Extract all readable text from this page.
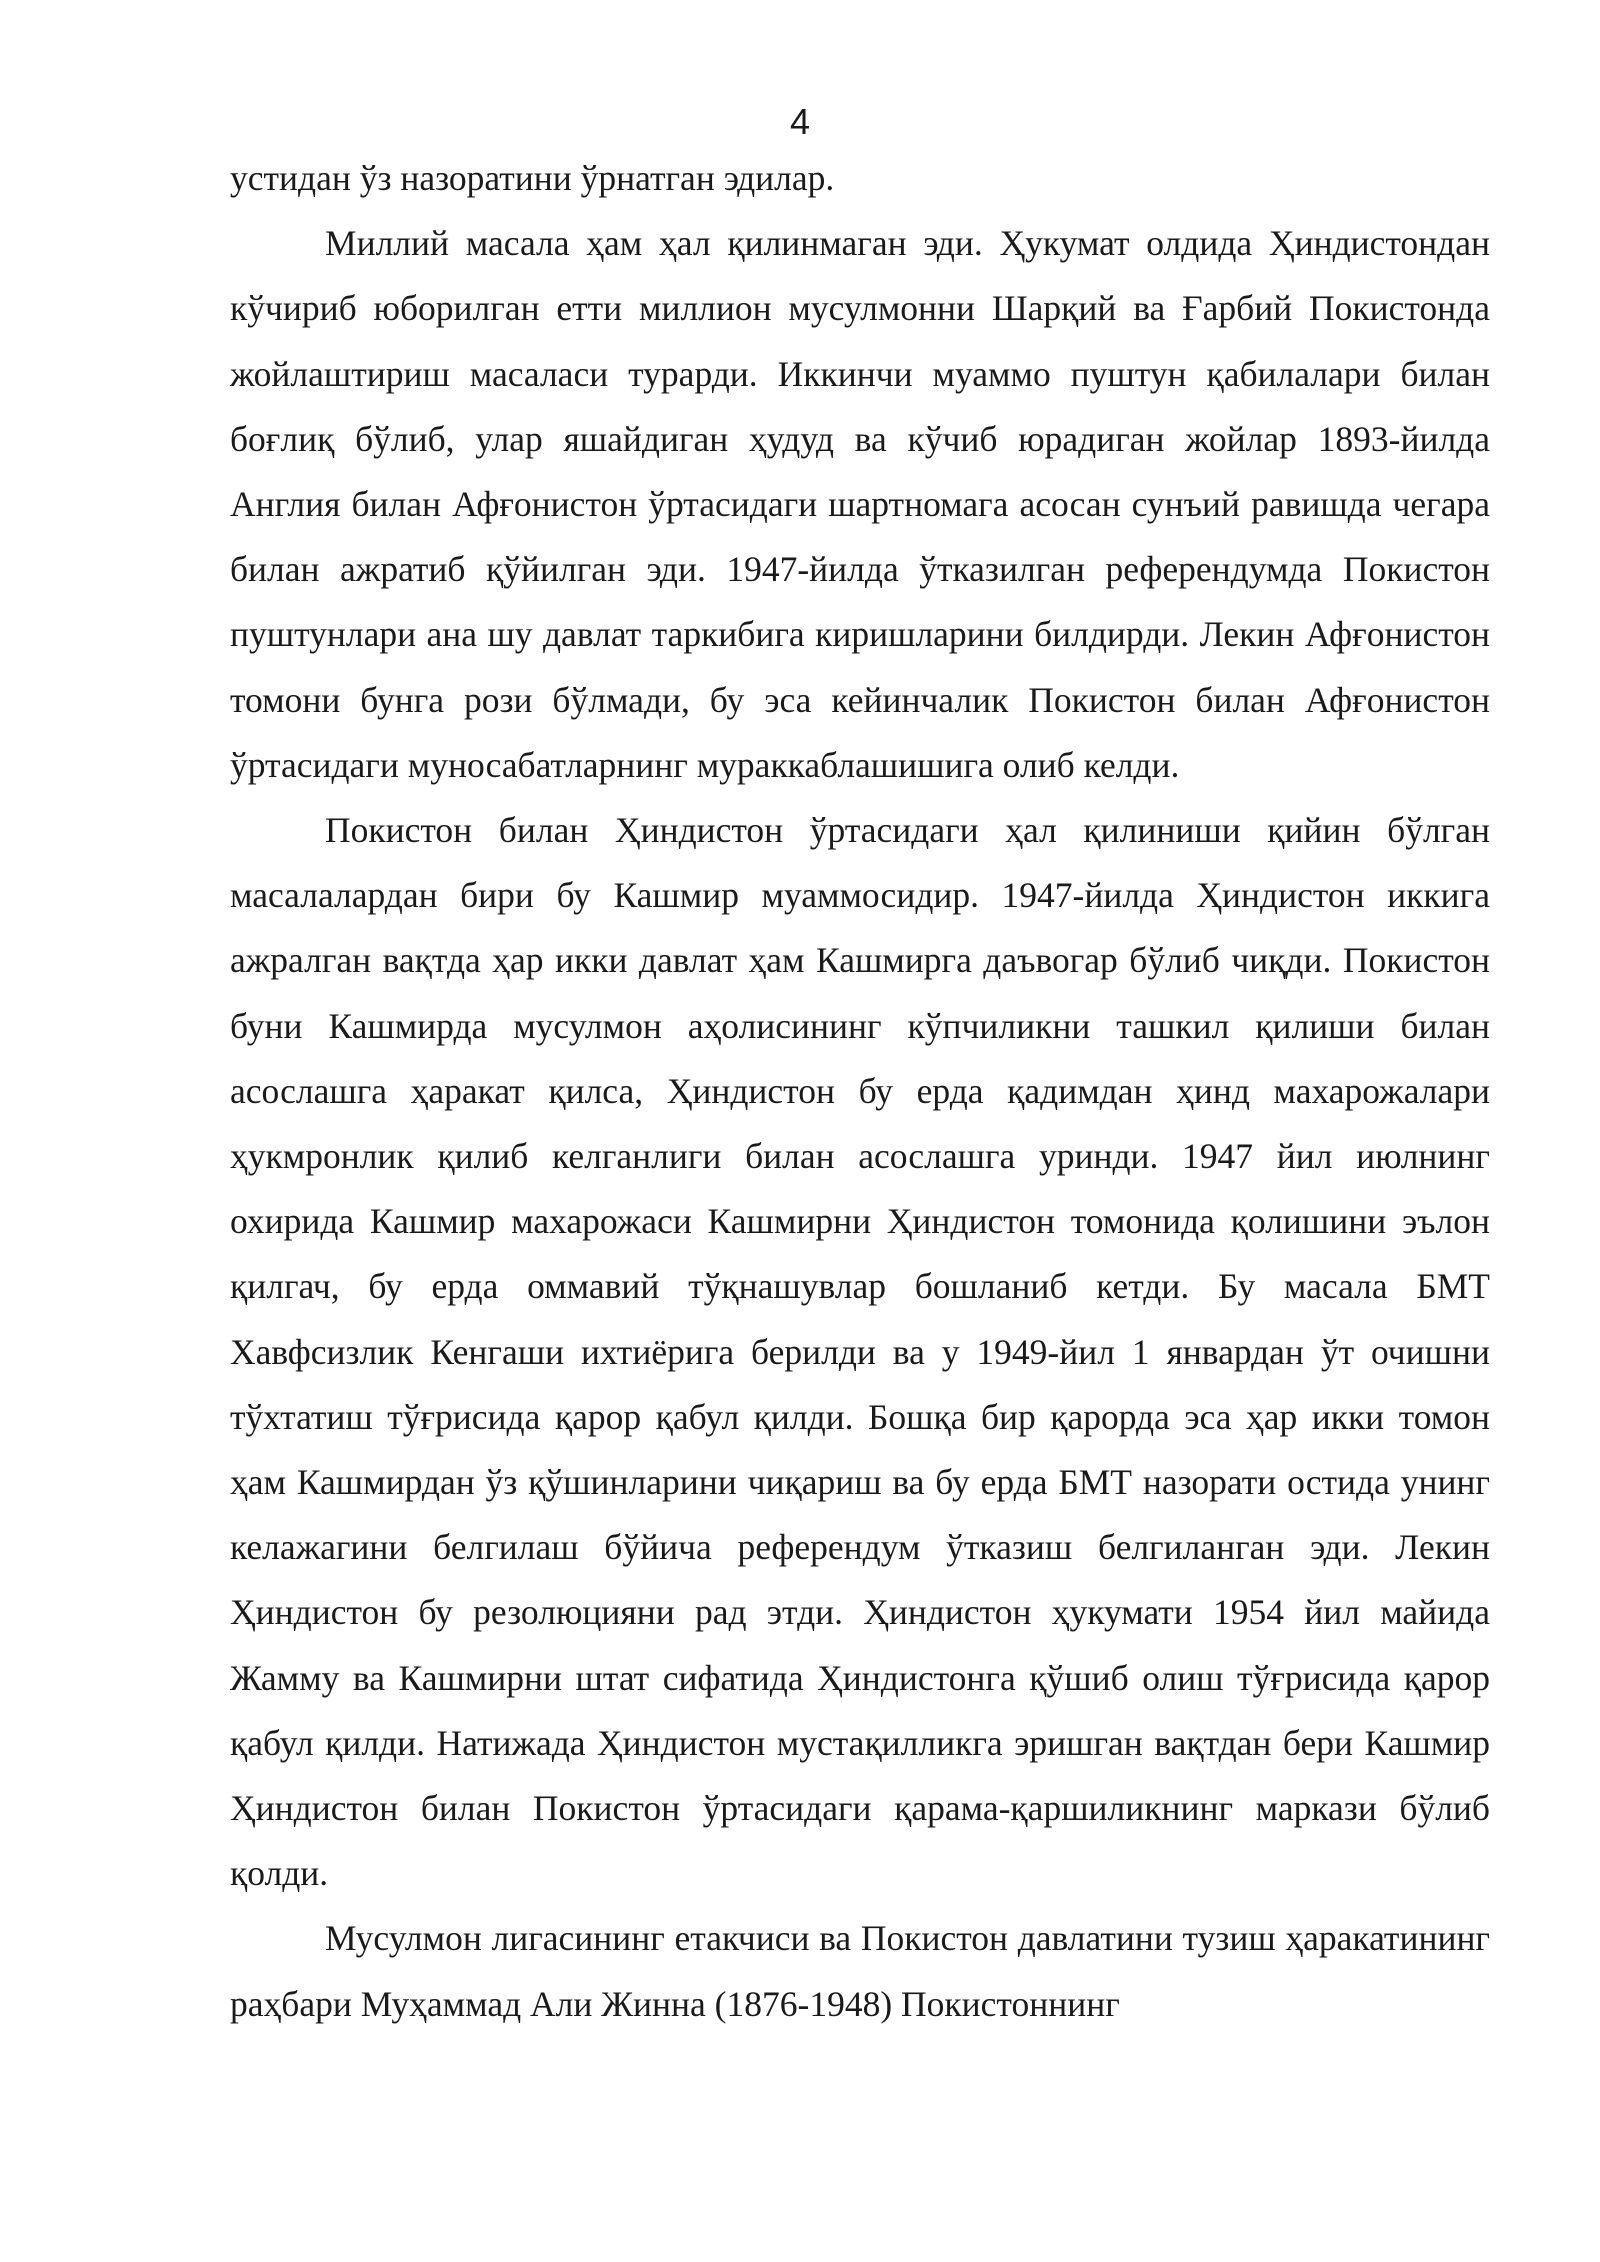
4

устидан ўз назоратини ўрнатган эдилар.

Миллий масала ҳам ҳал қилинмаган эди. Ҳукумат олдида Ҳиндистондан кўчириб юборилган етти миллион мусулмонни Шарқий ва Ғарбий Покистонда жойлаштириш масаласи турарди. Иккинчи муаммо пуштун қабилалари билан боғлиқ бўлиб, улар яшайдиган ҳудуд ва кўчиб юрадиган жойлар 1893-йилда Англия билан Афғонистон ўртасидаги шартномага асосан сунъий равишда чегара билан ажратиб қўйилган эди. 1947-йилда ўтказилган референдумда Покистон пуштунлари ана шу давлат таркибига киришларини билдирди. Лекин Афғонистон томони бунга рози бўлмади, бу эса кейинчалик Покистон билан Афғонистон ўртасидаги муносабатларнинг мураккаблашишига олиб келди.

Покистон билан Ҳиндистон ўртасидаги ҳал қилиниши қийин бўлган масалалардан бири бу Кашмир муаммосидир. 1947-йилда Ҳиндистон иккига ажралган вақтда ҳар икки давлат ҳам Кашмирга даъвогар бўлиб чиқди. Покистон буни Кашмирда мусулмон аҳолисининг кўпчиликни ташкил қилиши билан асослашга ҳаракат қилса, Ҳиндистон бу ерда қадимдан ҳинд махарожалари ҳукмронлик қилиб келганлиги билан асослашга уринди. 1947 йил июлнинг охирида Кашмир махарожаси Кашмирни Ҳиндистон томонида қолишини эълон қилгач, бу ерда оммавий тўқнашувлар бошланиб кетди. Бу масала БМТ Хавфсизлик Кенгаши ихтиёрига берилди ва у 1949-йил 1 январдан ўт очишни тўхтатиш тўғрисида қарор қабул қилди. Бошқа бир қарорда эса ҳар икки томон ҳам Кашмирдан ўз қўшинларини чиқариш ва бу ерда БМТ назорати остида унинг келажагини белгилаш бўйича референдум ўтказиш белгиланган эди. Лекин Ҳиндистон бу резолюцияни рад этди. Ҳиндистон ҳукумати 1954 йил майида Жамму ва Кашмирни штат сифатида Ҳиндистонга қўшиб олиш тўғрисида қарор қабул қилди. Натижада Ҳиндистон мустақилликга эришган вақтдан бери Кашмир Ҳиндистон билан Покистон ўртасидаги қарама-қаршиликнинг маркази бўлиб қолди.

Мусулмон лигасининг етакчиси ва Покистон давлатини тузиш ҳаракатининг раҳбари Муҳаммад Али Жинна (1876-1948) Покистоннинг
